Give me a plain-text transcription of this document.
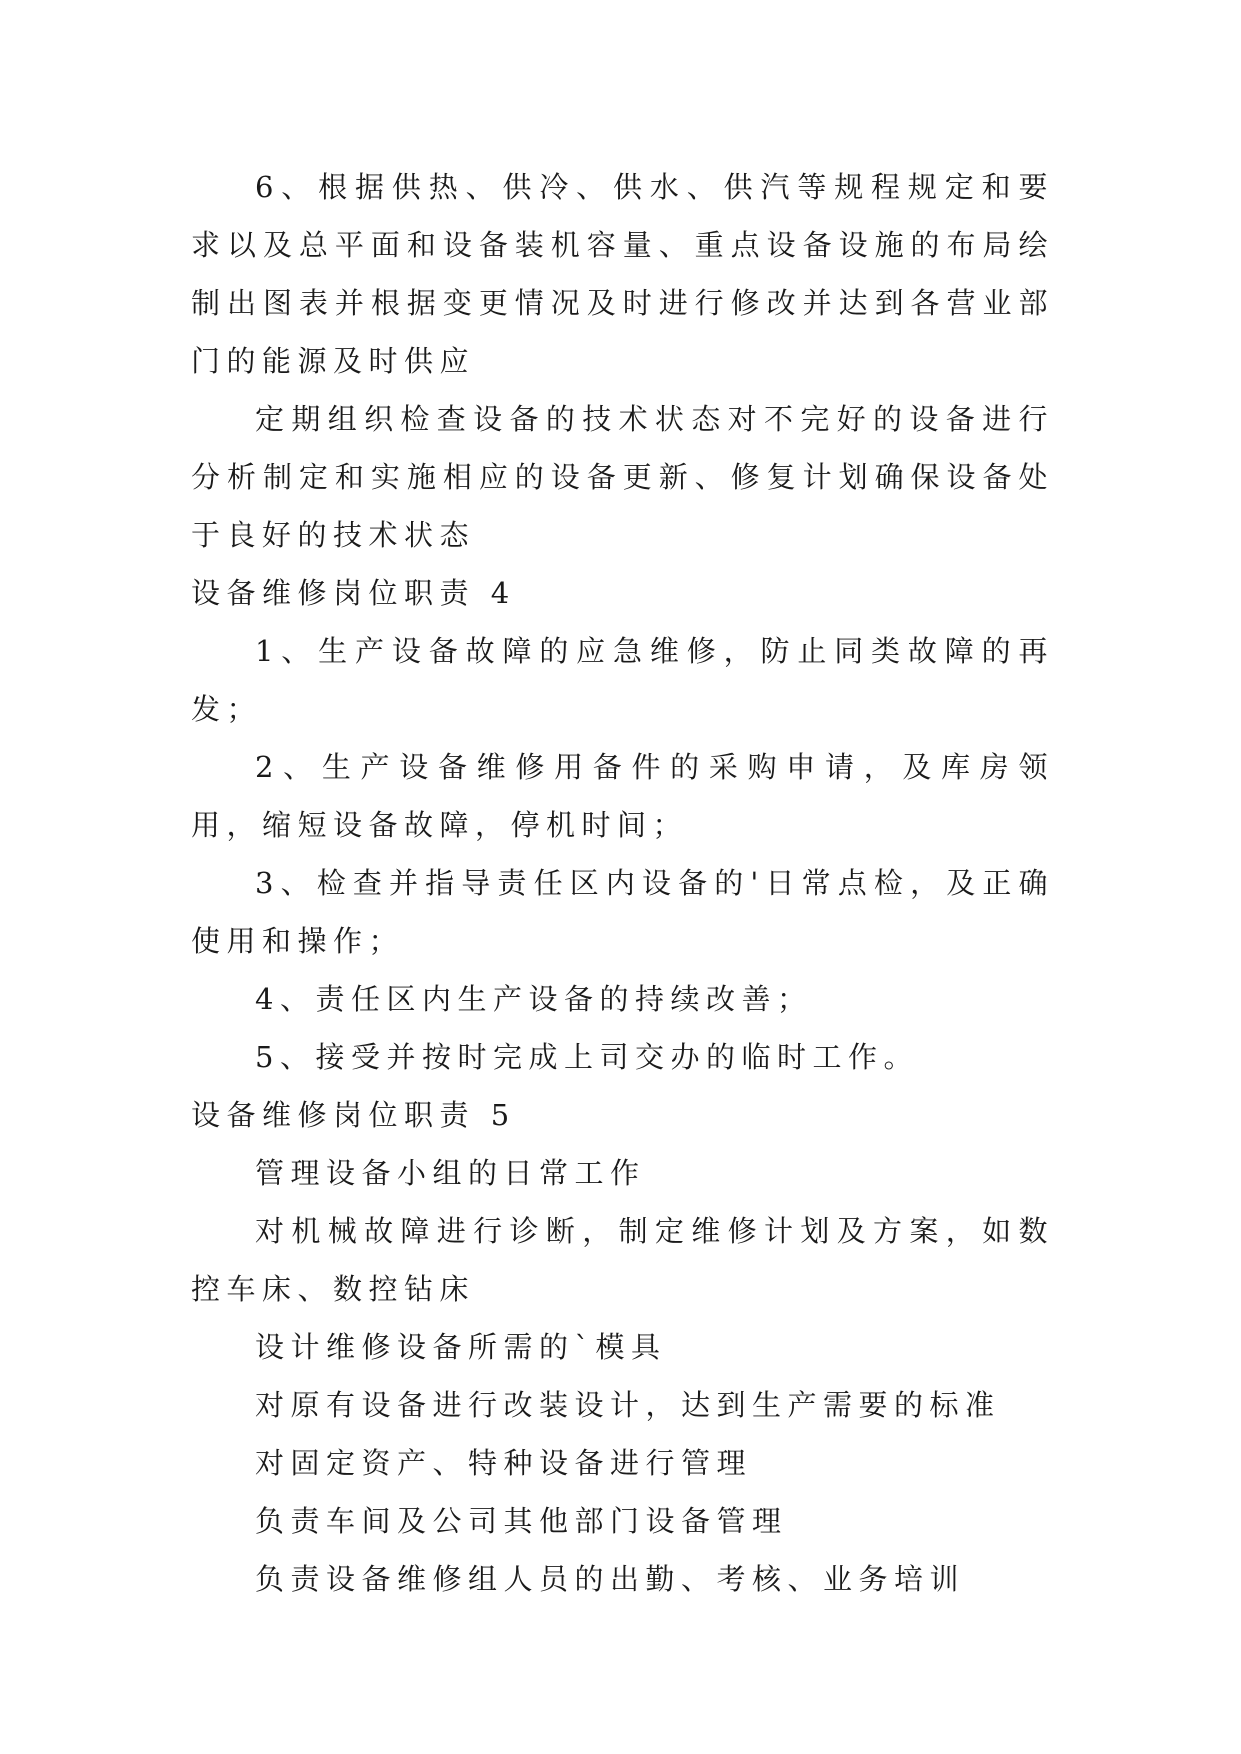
6、根据供热、供冷、供水、供汽等规程规定和要求以及总平面和设备装机容量、重点设备设施的布局绘制出图表并根据变更情况及时进行修改并达到各营业部门的能源及时供应

定期组织检查设备的技术状态对不完好的设备进行分析制定和实施相应的设备更新、修复计划确保设备处于良好的技术状态

设备维修岗位职责 4

1、生产设备故障的应急维修，防止同类故障的再发；

2、生产设备维修用备件的采购申请，及库房领用，缩短设备故障，停机时间；

3、检查并指导责任区内设备的'日常点检，及正确使用和操作；

4、责任区内生产设备的持续改善；

5、接受并按时完成上司交办的临时工作。

设备维修岗位职责 5

管理设备小组的日常工作

对机械故障进行诊断，制定维修计划及方案，如数控车床、数控钻床

设计维修设备所需的`模具

对原有设备进行改装设计，达到生产需要的标准

对固定资产、特种设备进行管理

负责车间及公司其他部门设备管理

负责设备维修组人员的出勤、考核、业务培训
